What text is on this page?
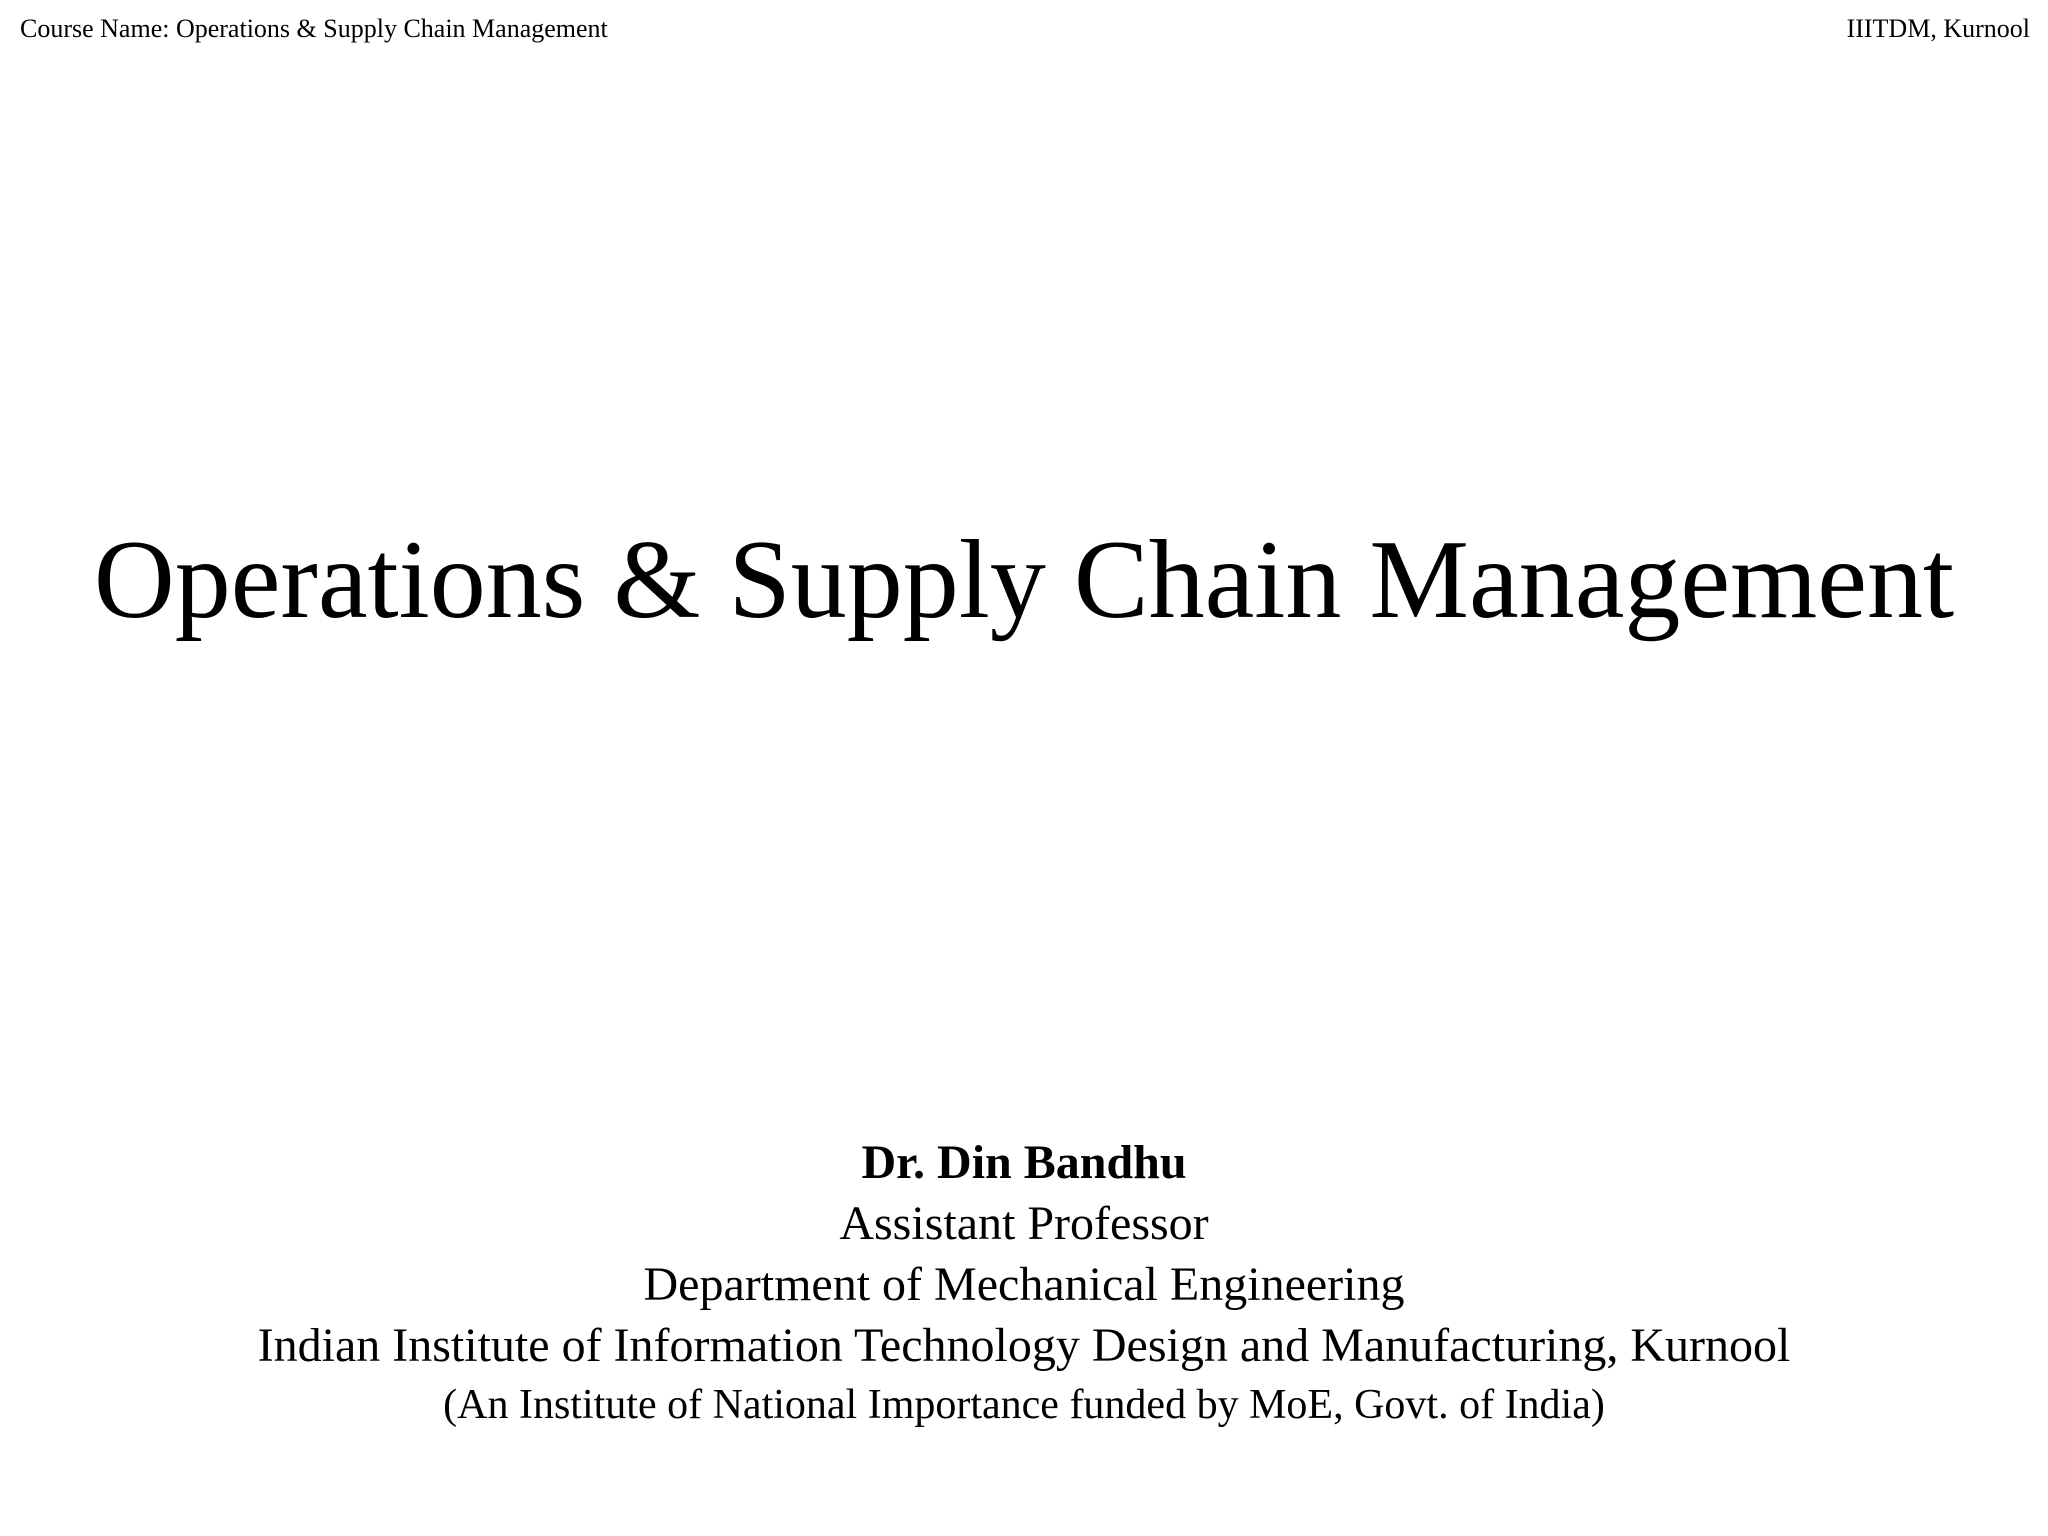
Course Name: Operations & Supply Chain Management	IIITDM, Kurnool
Operations & Supply Chain Management
Dr. Din Bandhu
Assistant Professor
Department of Mechanical Engineering
Indian Institute of Information Technology Design and Manufacturing, Kurnool
(An Institute of National Importance funded by MoE, Govt. of India)
